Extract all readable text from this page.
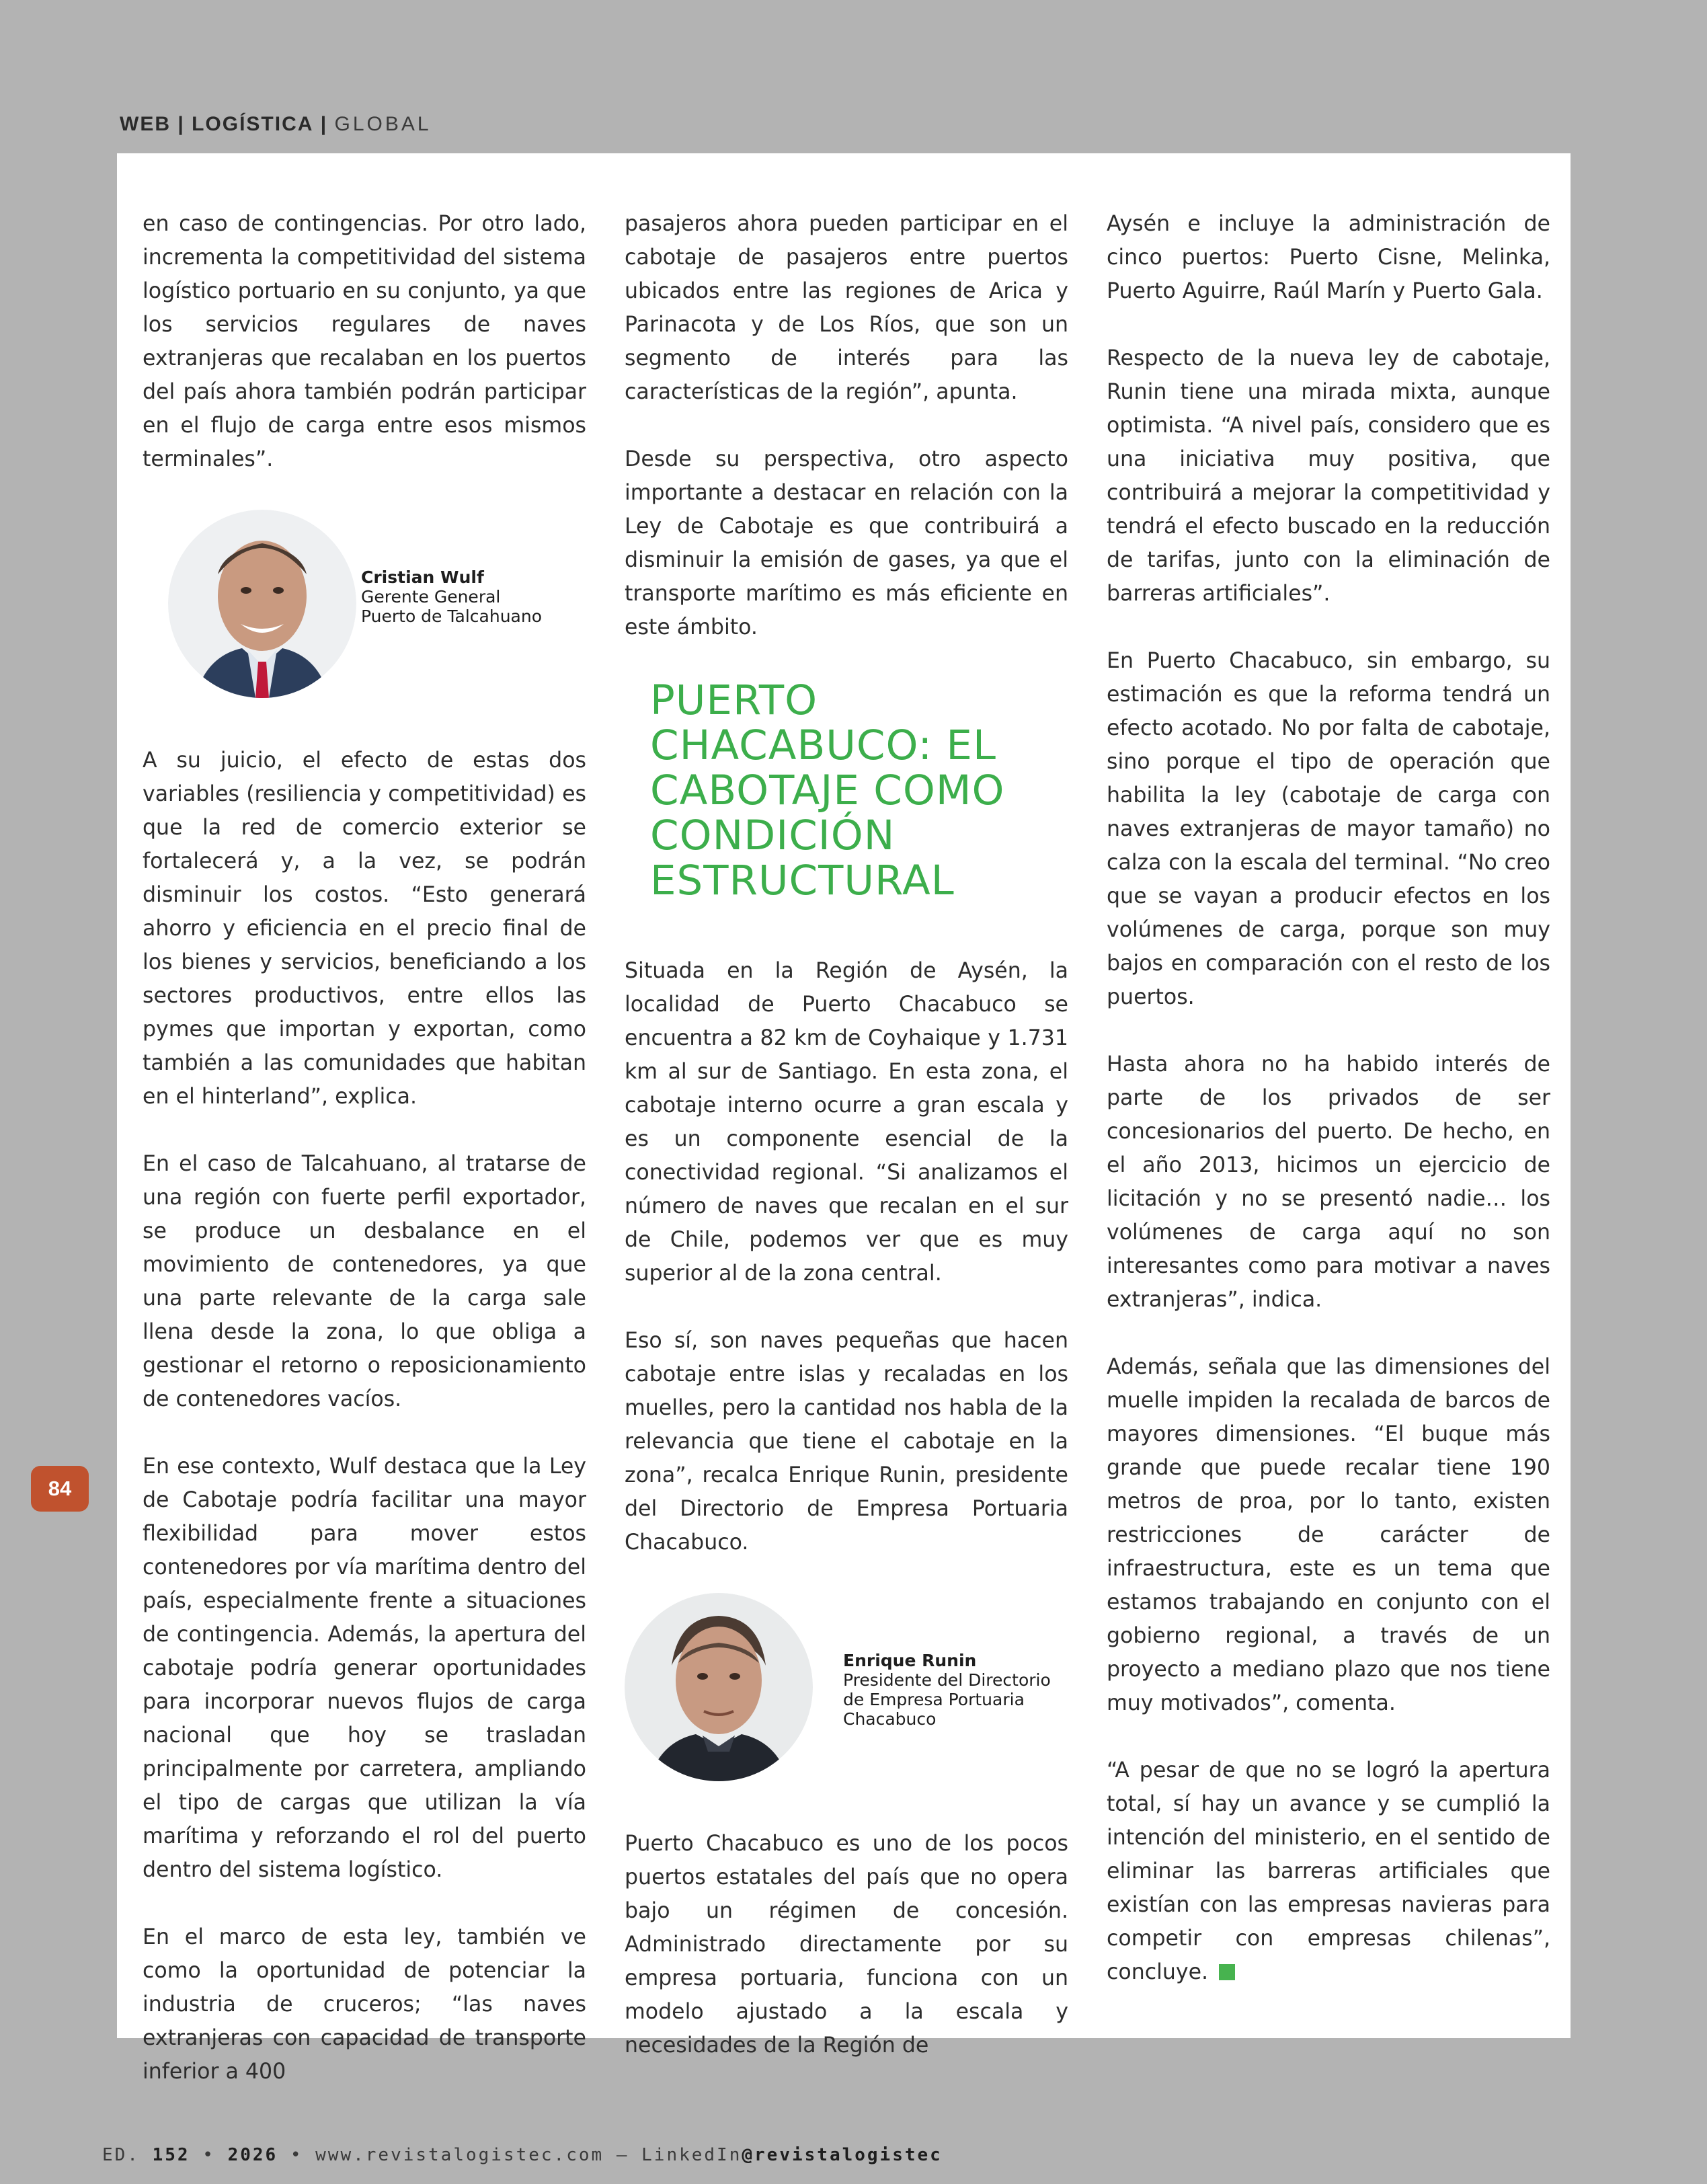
WEB | LOGÍSTICA | GLOBAL
84

en caso de contingencias. Por otro lado, incrementa la competitividad del sistema logístico portuario en su conjunto, ya que los servicios regulares de naves extranjeras que recalaban en los puertos del país ahora también podrán participar en el flujo de carga entre esos mismos terminales”.

Cristian Wulf
Gerente General
Puerto de Talcahuano

A su juicio, el efecto de estas dos variables (resiliencia y competitividad) es que la red de comercio exterior se fortalecerá y, a la vez, se podrán disminuir los costos. “Esto generará ahorro y eficiencia en el precio final de los bienes y servicios, beneficiando a los sectores productivos, entre ellos las pymes que importan y exportan, como también a las comunidades que habitan en el hinterland”, explica.

En el caso de Talcahuano, al tratarse de una región con fuerte perfil exportador, se produce un desbalance en el movimiento de contenedores, ya que una parte relevante de la carga sale llena desde la zona, lo que obliga a gestionar el retorno o reposicionamiento de contenedores vacíos.

En ese contexto, Wulf destaca que la Ley de Cabotaje podría facilitar una mayor flexibilidad para mover estos contenedores por vía marítima dentro del país, especialmente frente a situaciones de contingencia. Además, la apertura del cabotaje podría generar oportunidades para incorporar nuevos flujos de carga nacional que hoy se trasladan principalmente por carretera, ampliando el tipo de cargas que utilizan la vía marítima y reforzando el rol del puerto dentro del sistema logístico.

En el marco de esta ley, también ve como la oportunidad de potenciar la industria de cruceros; “las naves extranjeras con capacidad de transporte inferior a 400

pasajeros ahora pueden participar en el cabotaje de pasajeros entre puertos ubicados entre las regiones de Arica y Parinacota y de Los Ríos, que son un segmento de interés para las características de la región”, apunta.

Desde su perspectiva, otro aspecto importante a destacar en relación con la Ley de Cabotaje es que contribuirá a disminuir la emisión de gases, ya que el transporte marítimo es más eficiente en este ámbito.

PUERTO CHACABUCO: EL CABOTAJE COMO CONDICIÓN ESTRUCTURAL

Situada en la Región de Aysén, la localidad de Puerto Chacabuco se encuentra a 82 km de Coyhaique y 1.731 km al sur de Santiago. En esta zona, el cabotaje interno ocurre a gran escala y es un componente esencial de la conectividad regional. “Si analizamos el número de naves que recalan en el sur de Chile, podemos ver que es muy superior al de la zona central.

Eso sí, son naves pequeñas que hacen cabotaje entre islas y recaladas en los muelles, pero la cantidad nos habla de la relevancia que tiene el cabotaje en la zona”, recalca Enrique Runin, presidente del Directorio de Empresa Portuaria Chacabuco.

Enrique Runin
Presidente del Directorio
de Empresa Portuaria
Chacabuco

Puerto Chacabuco es uno de los pocos puertos estatales del país que no opera bajo un régimen de concesión. Administrado directamente por su empresa portuaria, funciona con un modelo ajustado a la escala y necesidades de la Región de

Aysén e incluye la administración de cinco puertos: Puerto Cisne, Melinka, Puerto Aguirre, Raúl Marín y Puerto Gala.

Respecto de la nueva ley de cabotaje, Runin tiene una mirada mixta, aunque optimista. “A nivel país, considero que es una iniciativa muy positiva, que contribuirá a mejorar la competitividad y tendrá el efecto buscado en la reducción de tarifas, junto con la eliminación de barreras artificiales”.

En Puerto Chacabuco, sin embargo, su estimación es que la reforma tendrá un efecto acotado. No por falta de cabotaje, sino porque el tipo de operación que habilita la ley (cabotaje de carga con naves extranjeras de mayor tamaño) no calza con la escala del terminal. “No creo que se vayan a producir efectos en los volúmenes de carga, porque son muy bajos en comparación con el resto de los puertos.

Hasta ahora no ha habido interés de parte de los privados de ser concesionarios del puerto. De hecho, en el año 2013, hicimos un ejercicio de licitación y no se presentó nadie… los volúmenes de carga aquí no son interesantes como para motivar a naves extranjeras”, indica.

Además, señala que las dimensiones del muelle impiden la recalada de barcos de mayores dimensiones. “El buque más grande que puede recalar tiene 190 metros de proa, por lo tanto, existen restricciones de carácter de infraestructura, este es un tema que estamos trabajando en conjunto con el gobierno regional, a través de un proyecto a mediano plazo que nos tiene muy motivados”, comenta.

“A pesar de que no se logró la apertura total, sí hay un avance y se cumplió la intención del ministerio, en el sentido de eliminar las barreras artificiales que existían con las empresas navieras para competir con empresas chilenas”, concluye.

ED. 152 • 2026 • www.revistalogistec.com – LinkedIn@revistalogistec
